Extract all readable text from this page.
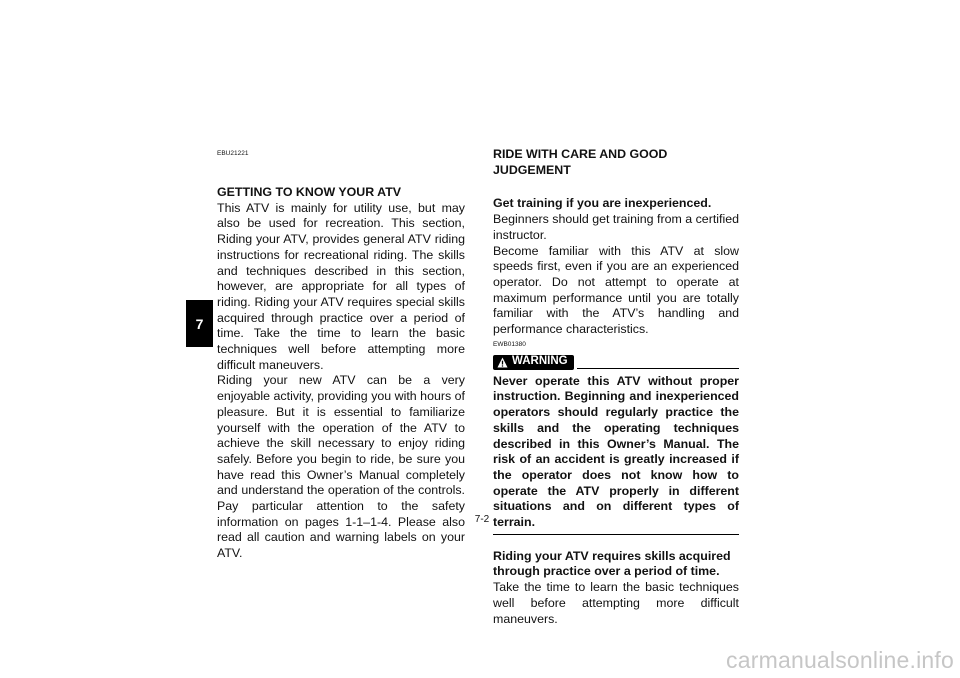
7
EBU21221
GETTING TO KNOW YOUR ATV
This ATV is mainly for utility use, but may also be used for recreation. This section, Riding your ATV, provides general ATV riding instructions for recreational riding. The skills and techniques described in this section, however, are appropriate for all types of riding. Riding your ATV requires special skills acquired through practice over a period of time. Take the time to learn the basic techniques well before attempting more difficult maneuvers.
Riding your new ATV can be a very enjoyable activity, providing you with hours of pleasure. But it is essential to familiarize yourself with the operation of the ATV to achieve the skill necessary to enjoy riding safely. Before you begin to ride, be sure you have read this Owner’s Manual completely and understand the operation of the controls. Pay particular attention to the safety information on pages 1-1–1-4. Please also read all caution and warning labels on your ATV.
RIDE WITH CARE AND GOOD JUDGEMENT
Get training if you are inexperienced.
Beginners should get training from a certified instructor.
Become familiar with this ATV at slow speeds first, even if you are an experienced operator. Do not attempt to operate at maximum performance until you are totally familiar with the ATV’s handling and performance characteristics.
EWB01380
WARNING
Never operate this ATV without proper instruction. Beginning and inexperienced operators should regularly practice the skills and the operating techniques described in this Owner’s Manual. The risk of an accident is greatly increased if the operator does not know how to operate the ATV properly in different situations and on different types of terrain.
Riding your ATV requires skills acquired through practice over a period of time.
Take the time to learn the basic techniques well before attempting more difficult maneuvers.
7-2
carmanualsonline.info
